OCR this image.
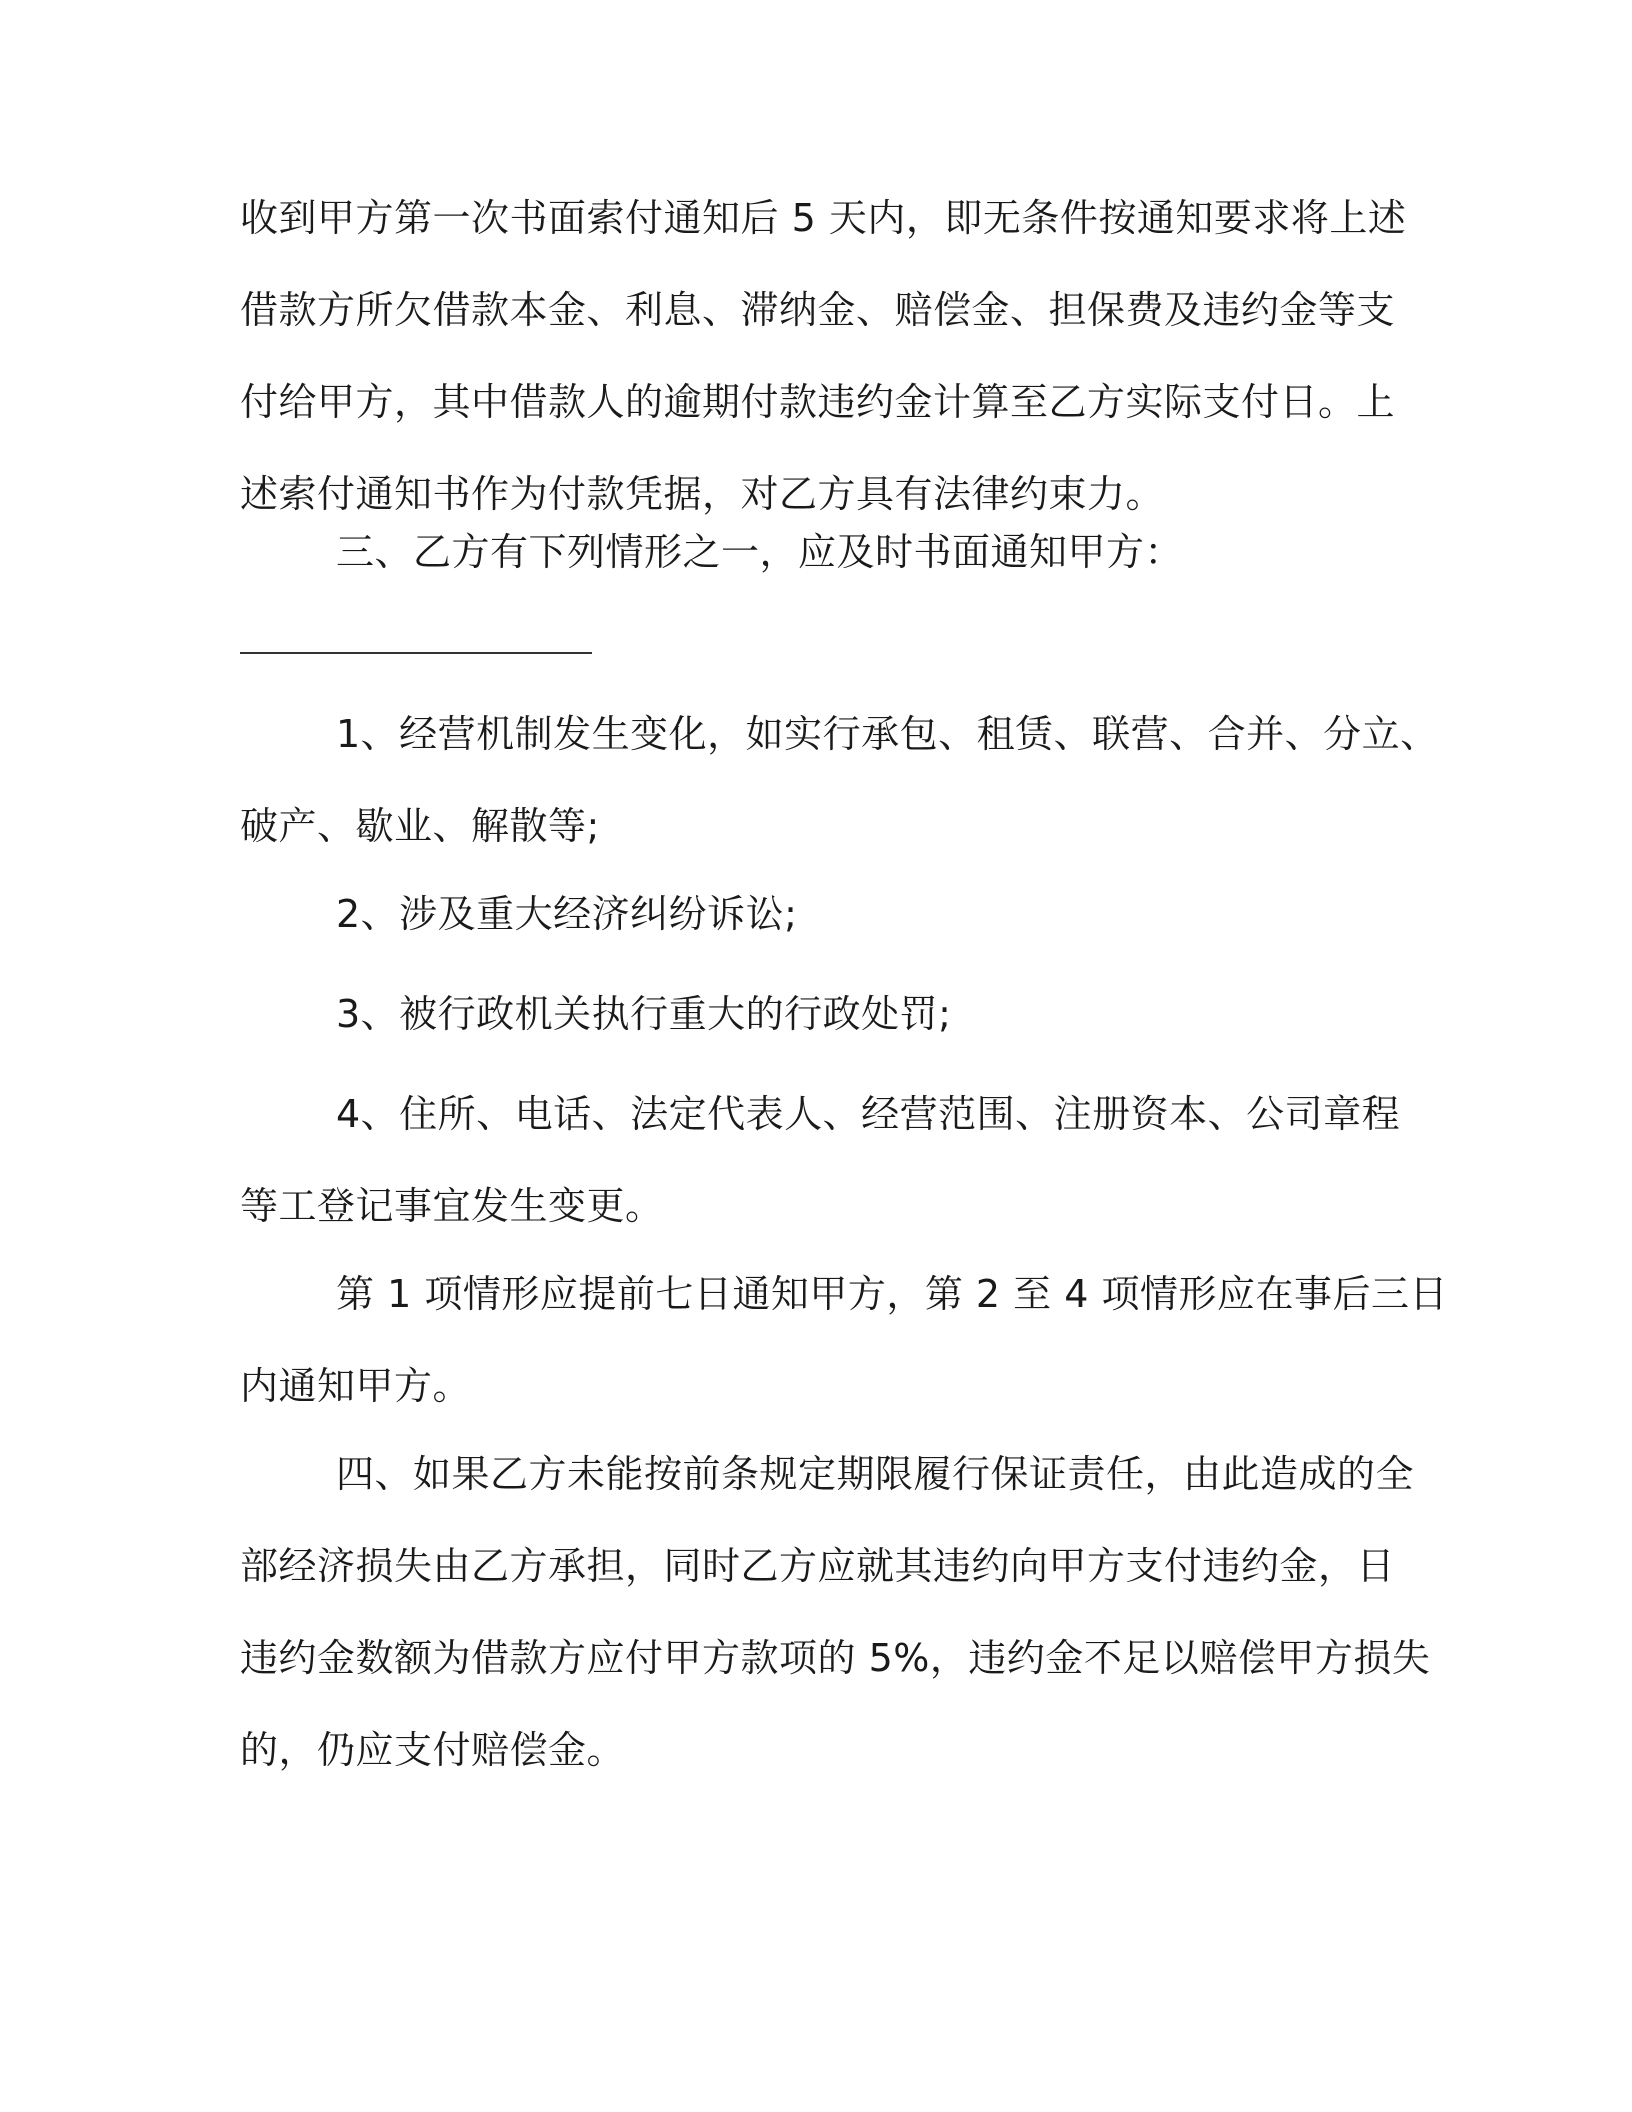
收到甲方第一次书面索付通知后 5 天内，即无条件按通知要求将上述
借款方所欠借款本金、利息、滞纳金、赔偿金、担保费及违约金等支
付给甲方，其中借款人的逾期付款违约金计算至乙方实际支付日。上
述索付通知书作为付款凭据，对乙方具有法律约束力。
三、乙方有下列情形之一，应及时书面通知甲方：
1、经营机制发生变化，如实行承包、租赁、联营、合并、分立、
破产、歇业、解散等;
2、涉及重大经济纠纷诉讼;
3、被行政机关执行重大的行政处罚;
4、住所、电话、法定代表人、经营范围、注册资本、公司章程
等工登记事宜发生变更。
第 1 项情形应提前七日通知甲方，第 2 至 4 项情形应在事后三日
内通知甲方。
四、如果乙方未能按前条规定期限履行保证责任，由此造成的全
部经济损失由乙方承担，同时乙方应就其违约向甲方支付违约金，日
违约金数额为借款方应付甲方款项的 5%，违约金不足以赔偿甲方损失
的，仍应支付赔偿金。
